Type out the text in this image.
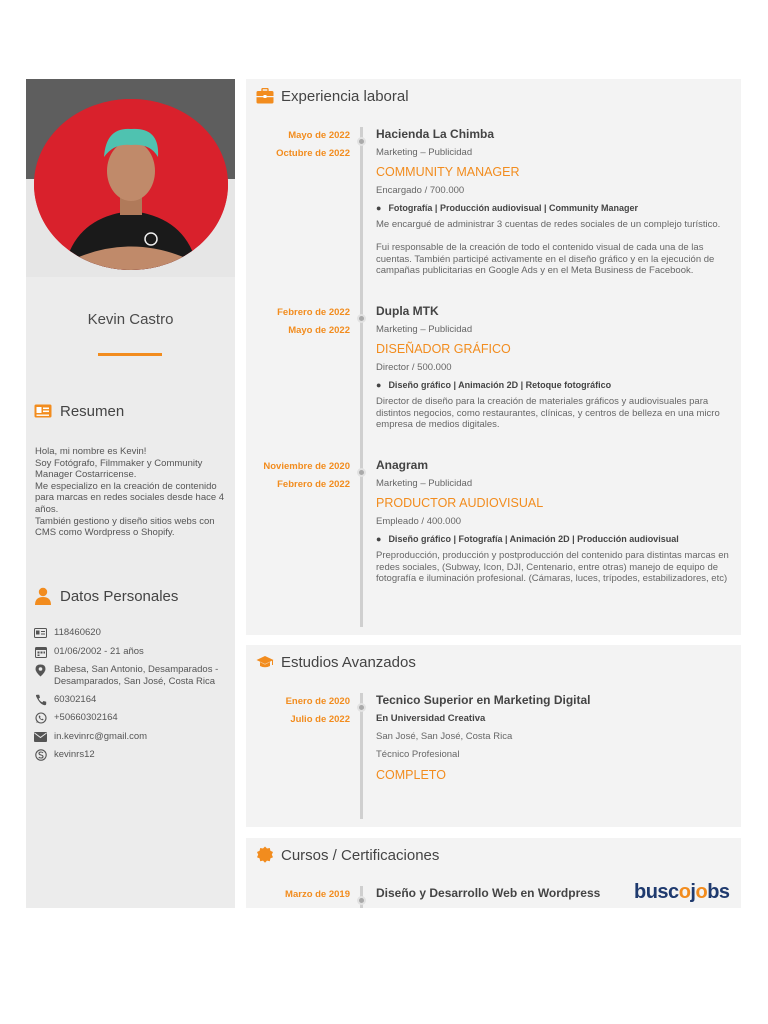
Kevin Castro
Resumen

Hola, mi nombre es Kevin!

Soy Fotógrafo, Filmmaker y Community Manager Costarricense.

Me especializo en la creación de contenido para marcas en redes sociales desde hace 4 años.

También gestiono y diseño sitios webs con CMS como Wordpress o Shopify.

Datos Personales
118460620
01/06/2002 - 21 años
Babesa, San Antonio, Desamparados - Desamparados, San José, Costa Rica
60302164
+50660302164
in.kevinrc@gmail.com
kevinrs12
Experiencia laboral
Mayo de 2022
Octubre de 2022
Hacienda La Chimba
Marketing – Publicidad
COMMUNITY MANAGER
Encargado / 700.000
● Fotografía | Producción audiovisual | Community Manager

Me encargué de administrar 3 cuentas de redes sociales de un complejo turístico.

Fui responsable de la creación de todo el contenido visual de cada una de las cuentas. También participé activamente en el diseño gráfico y en la ejecución de campañas publicitarias en Google Ads y en el Meta Business de Facebook.

Febrero de 2022
Mayo de 2022
Dupla MTK
Marketing – Publicidad
DISEÑADOR GRÁFICO
Director / 500.000
● Diseño gráfico | Animación 2D | Retoque fotográfico

Director de diseño para la creación de materiales gráficos y audiovisuales para distintos negocios, como restaurantes, clínicas, y centros de belleza en una micro empresa de medios digitales.

Noviembre de 2020
Febrero de 2022
Anagram
Marketing – Publicidad
PRODUCTOR AUDIOVISUAL
Empleado / 400.000
● Diseño gráfico | Fotografía | Animación 2D | Producción audiovisual

Preproducción, producción y postproducción del contenido para distintas marcas en redes sociales, (Subway, Icon, DJI, Centenario, entre otras) manejo de equipo de fotografía e iluminación profesional. (Cámaras, luces, trípodes, estabilizadores, etc)

Estudios Avanzados
Enero de 2020
Julio de 2022
Tecnico Superior en Marketing Digital
En Universidad Creativa
San José, San José, Costa Rica
Técnico Profesional
COMPLETO
Cursos / Certificaciones
Marzo de 2019 Diseño y Desarrollo Web en Wordpress	buscojobs
